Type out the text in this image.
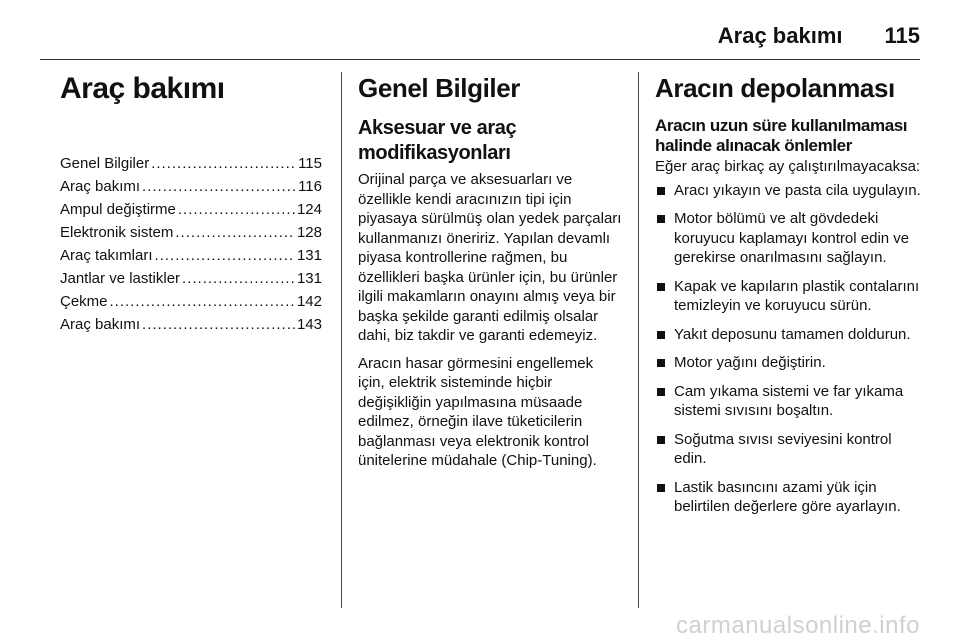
Araç bakımı 115
Araç bakımı
Genel Bilgiler .....	115
Araç bakımı .....	116
Ampul değiştirme .....	124
Elektronik sistem .....	128
Araç takımları .....	131
Jantlar ve lastikler .....	131
Çekme .....	142
Araç bakımı .....	143
Genel Bilgiler
Aksesuar ve araç modifikasyonları

Orijinal parça ve aksesuarları ve özellikle kendi aracınızın tipi için piyasaya sürülmüş olan yedek parçaları kullanmanızı öneririz. Yapılan devamlı piyasa kontrollerine rağmen, bu özellikleri başka ürünler için, bu ürünler ilgili makamların onayını almış veya bir başka şekilde garanti edilmiş olsalar dahi, biz takdir ve garanti edemeyiz.

Aracın hasar görmesini engellemek için, elektrik sisteminde hiçbir değişikliğin yapılmasına müsaade edilmez, örneğin ilave tüketicilerin bağlanması veya elektronik kontrol ünitelerine müdahale (Chip-Tuning).

Aracın depolanması
Aracın uzun süre kullanılmaması halinde alınacak önlemler

Eğer araç birkaç ay çalıştırılmayacaksa:

Aracı yıkayın ve pasta cila uygulayın.
Motor bölümü ve alt gövdedeki koruyucu kaplamayı kontrol edin ve gerekirse onarılmasını sağlayın.
Kapak ve kapıların plastik contalarını temizleyin ve koruyucu sürün.
Yakıt deposunu tamamen doldurun.
Motor yağını değiştirin.
Cam yıkama sistemi ve far yıkama sistemi sıvısını boşaltın.
Soğutma sıvısı seviyesini kontrol edin.
Lastik basıncını azami yük için belirtilen değerlere göre ayarlayın.
carmanualsonline.info
